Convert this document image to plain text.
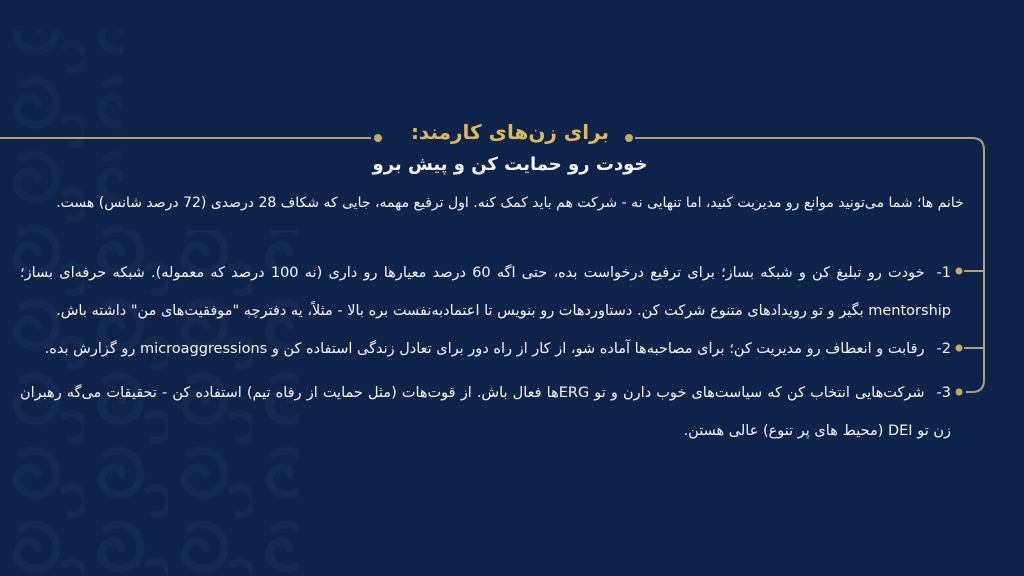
برای زن‌های کارمند:
خودت رو حمایت کن و پیش برو
خانم ها؛ شما می‌تونید موانع رو مدیریت کنید، اما تنهایی نه - شرکت هم باید کمک کنه. اول ترفیع مهمه، جایی که شکاف 28 درصدی (72 درصد شانس) هست.
1-خودت رو تبلیغ کن و شبکه بساز؛ برای ترفیع درخواست بده، حتی اگه 60 درصد معیارها رو داری (نه 100 درصد که معموله). شبکه حرفه‌ای بساز؛ mentorship بگیر و تو رویدادهای متنوع شرکت کن. دستاوردهات رو بنویس تا اعتمادبه‌نفست بره بالا - مثلاً، یه دفترچه "موفقیت‌های من" داشته باش.
2-رقابت و انعطاف رو مدیریت کن؛ برای مصاحبه‌ها آماده شو، از کار از راه دور برای تعادل زندگی استفاده کن و microaggressions رو گزارش بده.
3-شرکت‌هایی انتخاب کن که سیاست‌های خوب دارن و تو ERGها فعال باش. از قوت‌هات (مثل حمایت از رفاه تیم) استفاده کن - تحقیقات می‌گه رهبران زن تو DEI (محیط های پر تنوع) عالی هستن.
